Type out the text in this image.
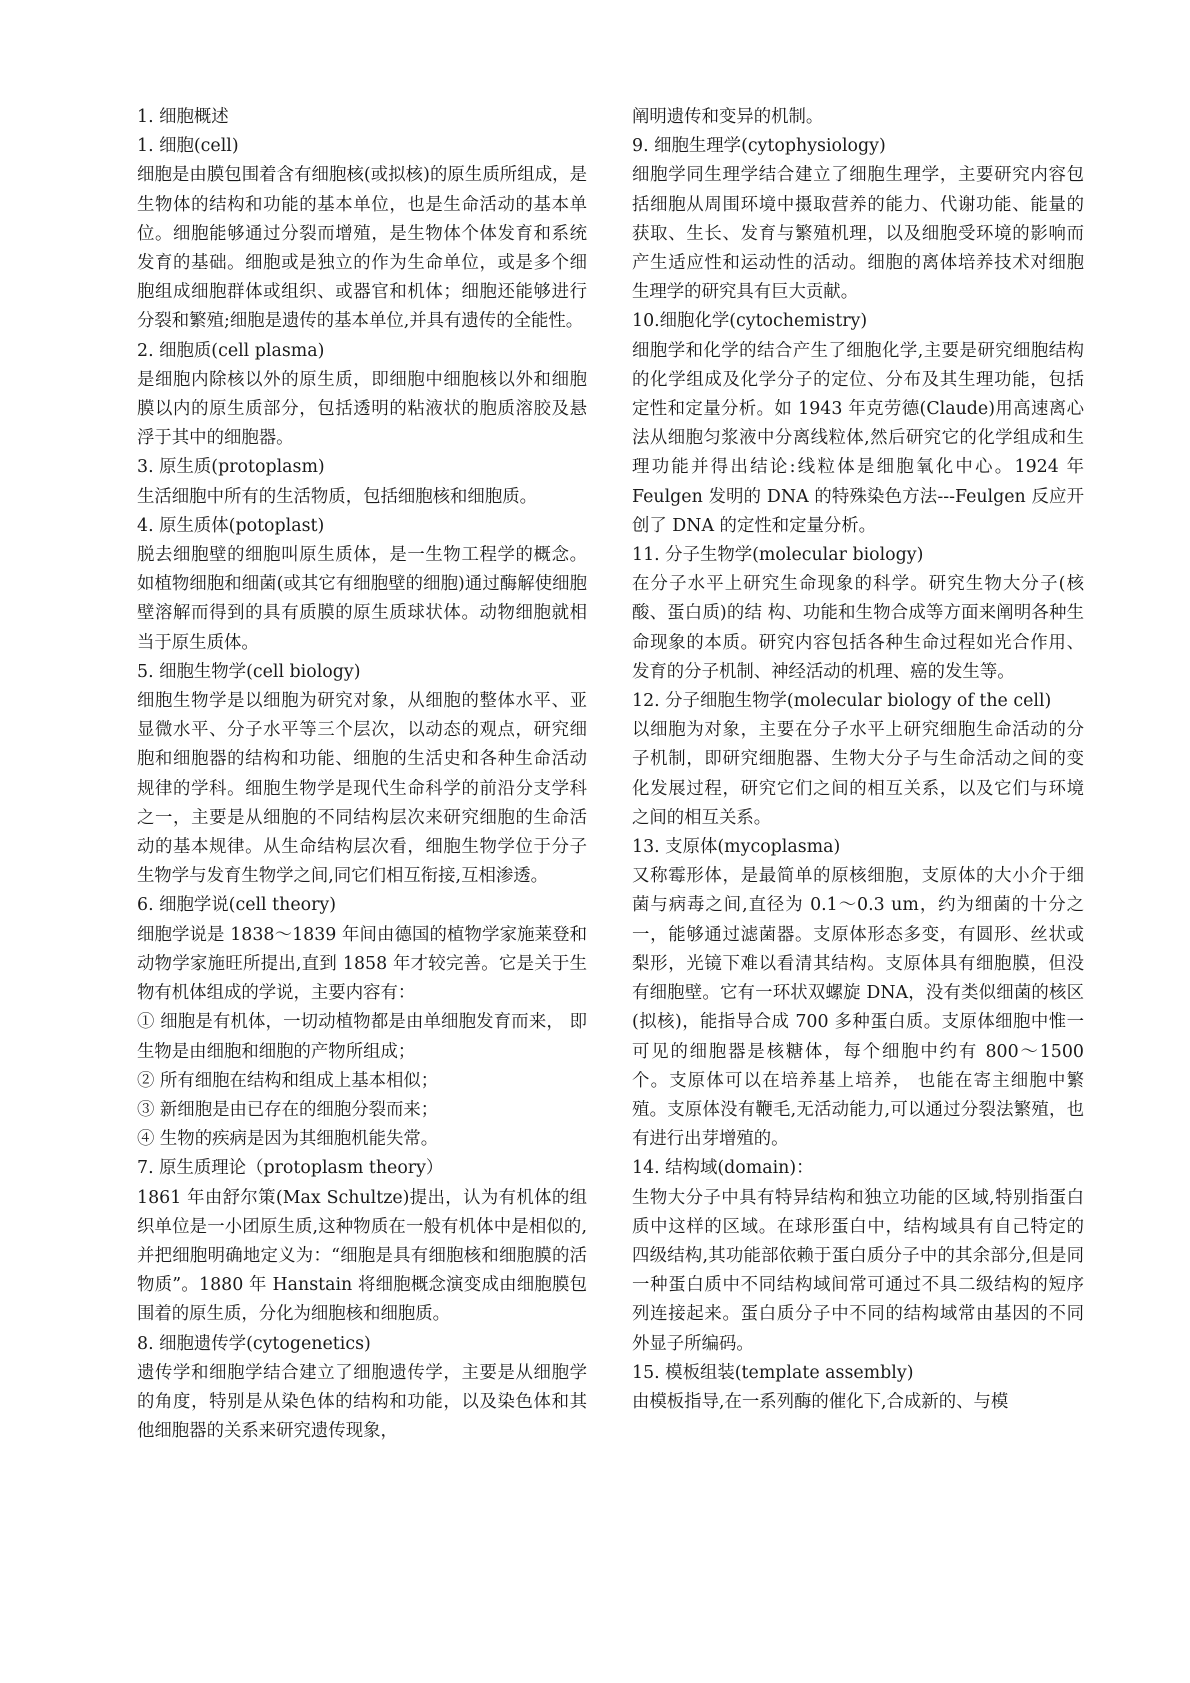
1. 细胞概述
1. 细胞(cell)
细胞是由膜包围着含有细胞核(或拟核)的原生质所组成，是生物体的结构和功能的基本单位，也是生命活动的基本单位。细胞能够通过分裂而增殖，是生物体个体发育和系统发育的基础。细胞或是独立的作为生命单位，或是多个细胞组成细胞群体或组织、或器官和机体；细胞还能够进行分裂和繁殖;细胞是遗传的基本单位,并具有遗传的全能性。
2. 细胞质(cell plasma)
是细胞内除核以外的原生质，即细胞中细胞核以外和细胞膜以内的原生质部分，包括透明的粘液状的胞质溶胶及悬浮于其中的细胞器。
3. 原生质(protoplasm)
生活细胞中所有的生活物质，包括细胞核和细胞质。
4. 原生质体(potoplast)
脱去细胞壁的细胞叫原生质体，是一生物工程学的概念。如植物细胞和细菌(或其它有细胞壁的细胞)通过酶解使细胞壁溶解而得到的具有质膜的原生质球状体。动物细胞就相当于原生质体。
5. 细胞生物学(cell biology)
细胞生物学是以细胞为研究对象，从细胞的整体水平、亚显微水平、分子水平等三个层次，以动态的观点，研究细胞和细胞器的结构和功能、细胞的生活史和各种生命活动规律的学科。细胞生物学是现代生命科学的前沿分支学科之一，主要是从细胞的不同结构层次来研究细胞的生命活动的基本规律。从生命结构层次看，细胞生物学位于分子生物学与发育生物学之间,同它们相互衔接,互相渗透。
6. 细胞学说(cell theory)
细胞学说是 1838～1839 年间由德国的植物学家施莱登和动物学家施旺所提出,直到 1858 年才较完善。它是关于生物有机体组成的学说，主要内容有：
① 细胞是有机体，一切动植物都是由单细胞发育而来， 即生物是由细胞和细胞的产物所组成；
② 所有细胞在结构和组成上基本相似；
③ 新细胞是由已存在的细胞分裂而来；
④ 生物的疾病是因为其细胞机能失常。
7. 原生质理论（protoplasm theory）
1861 年由舒尔策(Max Schultze)提出，认为有机体的组织单位是一小团原生质,这种物质在一般有机体中是相似的,并把细胞明确地定义为：“细胞是具有细胞核和细胞膜的活物质”。1880 年 Hanstain 将细胞概念演变成由细胞膜包围着的原生质，分化为细胞核和细胞质。
8. 细胞遗传学(cytogenetics)
遗传学和细胞学结合建立了细胞遗传学，主要是从细胞学的角度，特别是从染色体的结构和功能，以及染色体和其他细胞器的关系来研究遗传现象，
阐明遗传和变异的机制。
9. 细胞生理学(cytophysiology)
细胞学同生理学结合建立了细胞生理学，主要研究内容包括细胞从周围环境中摄取营养的能力、代谢功能、能量的获取、生长、发育与繁殖机理，以及细胞受环境的影响而产生适应性和运动性的活动。细胞的离体培养技术对细胞生理学的研究具有巨大贡献。
10.细胞化学(cytochemistry)
细胞学和化学的结合产生了细胞化学,主要是研究细胞结构的化学组成及化学分子的定位、分布及其生理功能，包括定性和定量分析。如 1943 年克劳德(Claude)用高速离心法从细胞匀浆液中分离线粒体,然后研究它的化学组成和生理功能并得出结论:线粒体是细胞氧化中心。1924 年 Feulgen 发明的 DNA 的特殊染色方法---Feulgen 反应开创了 DNA 的定性和定量分析。
11. 分子生物学(molecular biology)
在分子水平上研究生命现象的科学。研究生物大分子(核酸、蛋白质)的结 构、功能和生物合成等方面来阐明各种生命现象的本质。研究内容包括各种生命过程如光合作用、发育的分子机制、神经活动的机理、癌的发生等。
12. 分子细胞生物学(molecular biology of the cell)
以细胞为对象，主要在分子水平上研究细胞生命活动的分子机制，即研究细胞器、生物大分子与生命活动之间的变化发展过程，研究它们之间的相互关系，以及它们与环境之间的相互关系。
13. 支原体(mycoplasma)
又称霉形体，是最简单的原核细胞，支原体的大小介于细菌与病毒之间,直径为 0.1～0.3 um，约为细菌的十分之一，能够通过滤菌器。支原体形态多变，有圆形、丝状或梨形，光镜下难以看清其结构。支原体具有细胞膜，但没有细胞壁。它有一环状双螺旋 DNA，没有类似细菌的核区(拟核)，能指导合成 700 多种蛋白质。支原体细胞中惟一可见的细胞器是核糖体，每个细胞中约有 800～1500 个。支原体可以在培养基上培养， 也能在寄主细胞中繁殖。支原体没有鞭毛,无活动能力,可以通过分裂法繁殖，也有进行出芽增殖的。
14. 结构域(domain)：
生物大分子中具有特异结构和独立功能的区域,特别指蛋白质中这样的区域。在球形蛋白中，结构域具有自己特定的四级结构,其功能部依赖于蛋白质分子中的其余部分,但是同一种蛋白质中不同结构域间常可通过不具二级结构的短序列连接起来。蛋白质分子中不同的结构域常由基因的不同外显子所编码。
15. 模板组装(template assembly)
由模板指导,在一系列酶的催化下,合成新的、与模
